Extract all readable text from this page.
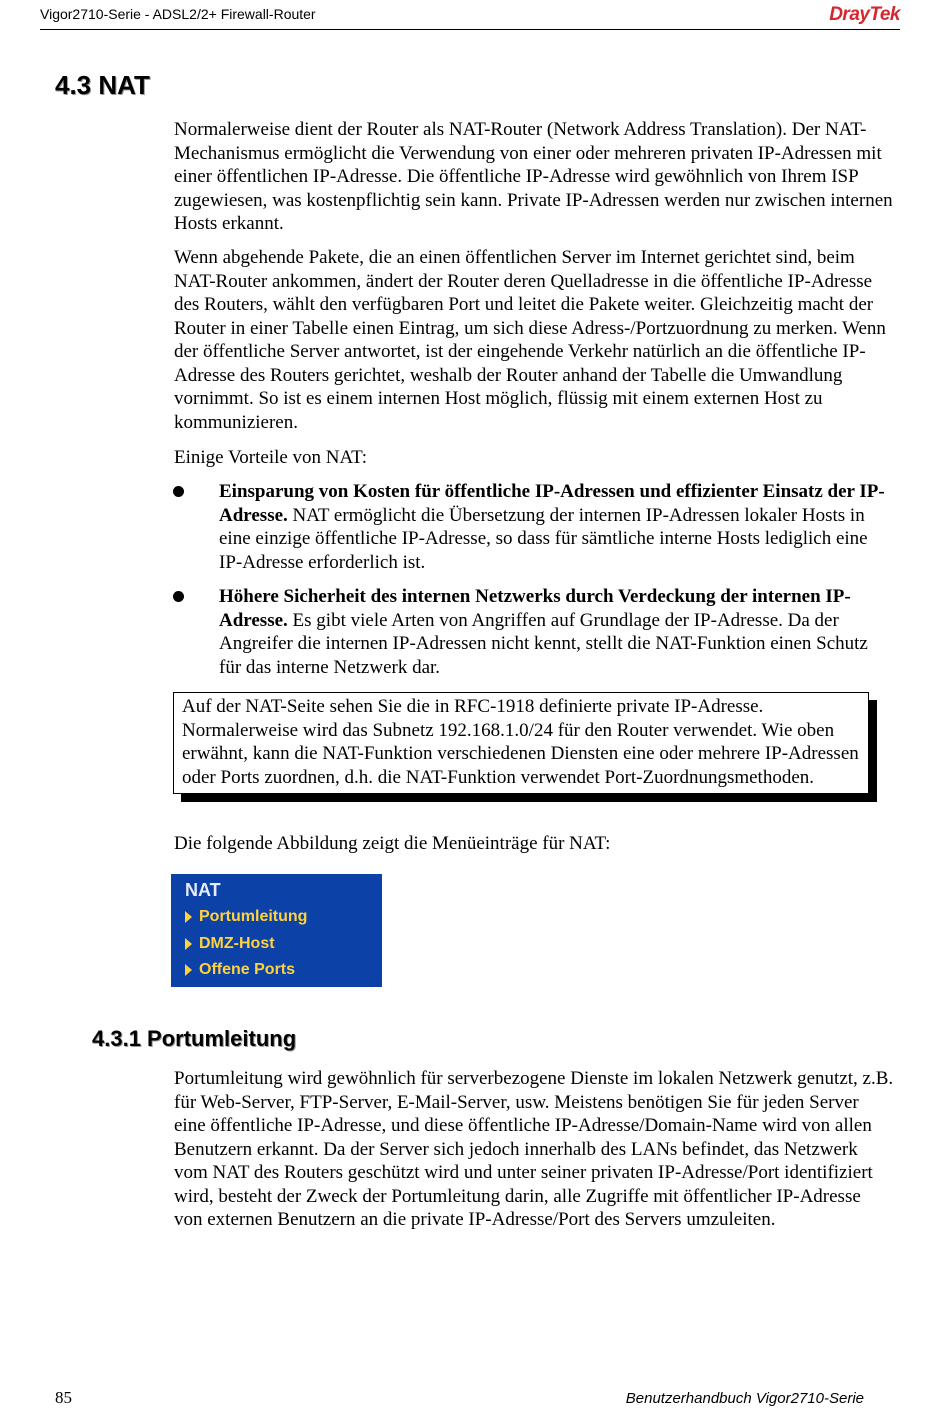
Vigor2710-Serie - ADSL2/2+ Firewall-Router	DrayTek
4.3 NAT
Normalerweise dient der Router als NAT-Router (Network Address Translation). Der NAT-Mechanismus ermöglicht die Verwendung von einer oder mehreren privaten IP-Adressen mit einer öffentlichen IP-Adresse. Die öffentliche IP-Adresse wird gewöhnlich von Ihrem ISP zugewiesen, was kostenpflichtig sein kann. Private IP-Adressen werden nur zwischen internen Hosts erkannt.
Wenn abgehende Pakete, die an einen öffentlichen Server im Internet gerichtet sind, beim NAT-Router ankommen, ändert der Router deren Quelladresse in die öffentliche IP-Adresse des Routers, wählt den verfügbaren Port und leitet die Pakete weiter. Gleichzeitig macht der Router in einer Tabelle einen Eintrag, um sich diese Adress-/Portzuordnung zu merken. Wenn der öffentliche Server antwortet, ist der eingehende Verkehr natürlich an die öffentliche IP-Adresse des Routers gerichtet, weshalb der Router anhand der Tabelle die Umwandlung vornimmt. So ist es einem internen Host möglich, flüssig mit einem externen Host zu kommunizieren.
Einige Vorteile von NAT:
Einsparung von Kosten für öffentliche IP-Adressen und effizienter Einsatz der IP-Adresse. NAT ermöglicht die Übersetzung der internen IP-Adressen lokaler Hosts in eine einzige öffentliche IP-Adresse, so dass für sämtliche interne Hosts lediglich eine IP-Adresse erforderlich ist.
Höhere Sicherheit des internen Netzwerks durch Verdeckung der internen IP-Adresse. Es gibt viele Arten von Angriffen auf Grundlage der IP-Adresse. Da der Angreifer die internen IP-Adressen nicht kennt, stellt die NAT-Funktion einen Schutz für das interne Netzwerk dar.
Auf der NAT-Seite sehen Sie die in RFC-1918 definierte private IP-Adresse. Normalerweise wird das Subnetz 192.168.1.0/24 für den Router verwendet. Wie oben erwähnt, kann die NAT-Funktion verschiedenen Diensten eine oder mehrere IP-Adressen oder Ports zuordnen, d.h. die NAT-Funktion verwendet Port-Zuordnungsmethoden.
Die folgende Abbildung zeigt die Menüeinträge für NAT:
NAT
Portumleitung
DMZ-Host
Offene Ports
4.3.1 Portumleitung
Portumleitung wird gewöhnlich für serverbezogene Dienste im lokalen Netzwerk genutzt, z.B. für Web-Server, FTP-Server, E-Mail-Server, usw. Meistens benötigen Sie für jeden Server eine öffentliche IP-Adresse, und diese öffentliche IP-Adresse/Domain-Name wird von allen Benutzern erkannt. Da der Server sich jedoch innerhalb des LANs befindet, das Netzwerk vom NAT des Routers geschützt wird und unter seiner privaten IP-Adresse/Port identifiziert wird, besteht der Zweck der Portumleitung darin, alle Zugriffe mit öffentlicher IP-Adresse von externen Benutzern an die private IP-Adresse/Port des Servers umzuleiten.
85	Benutzerhandbuch Vigor2710-Serie
